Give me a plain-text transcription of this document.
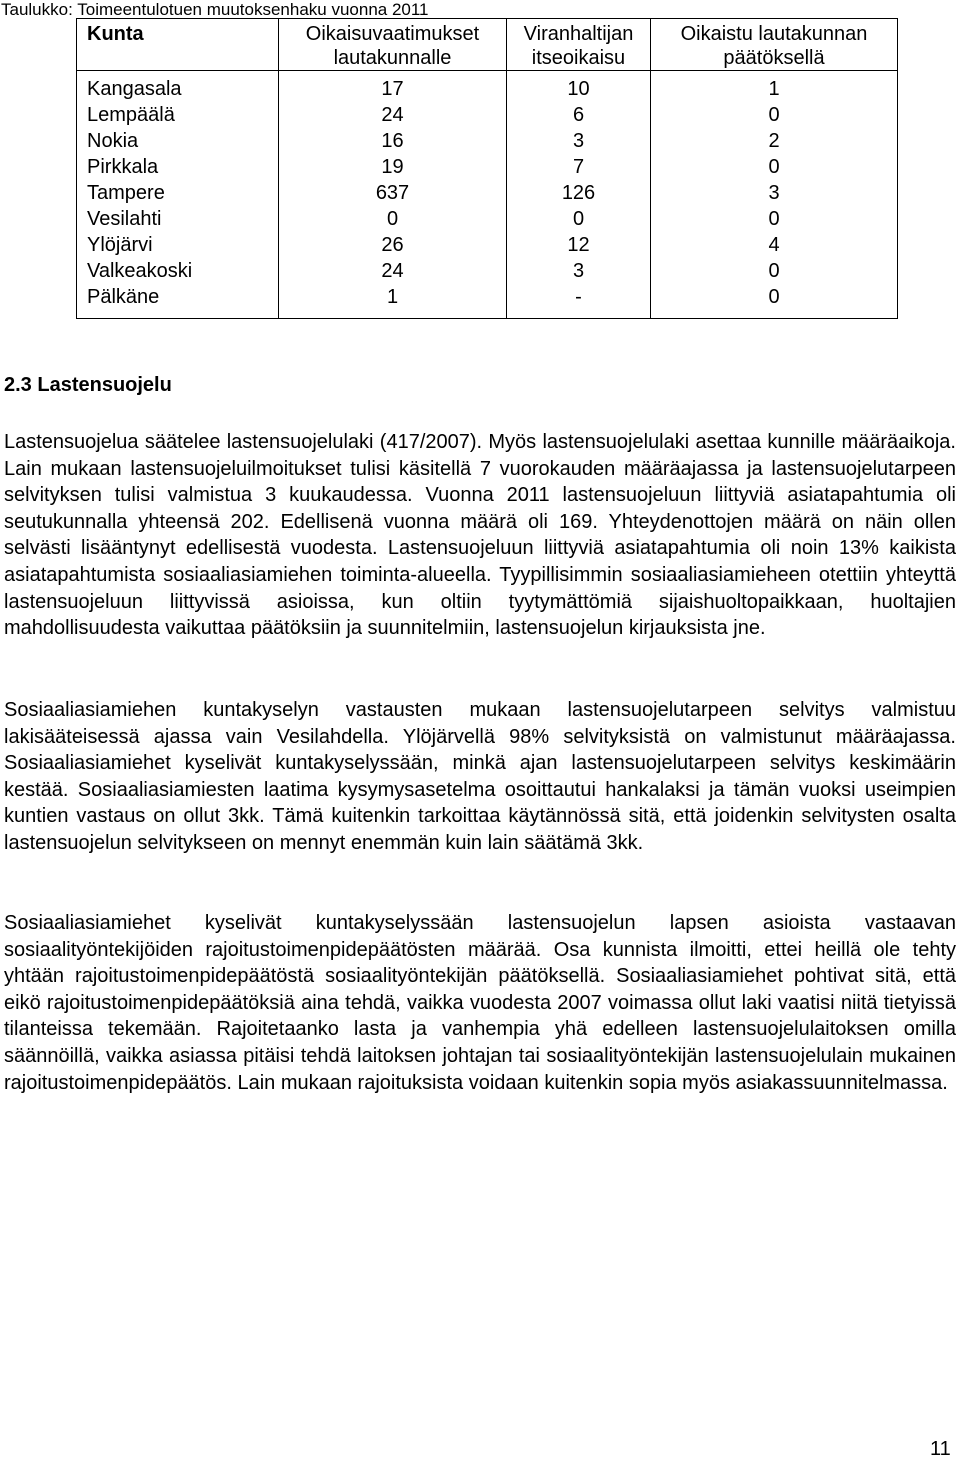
Taulukko: Toimeentulotuen muutoksenhaku vuonna 2011
Kunta	Oikaisuvaatimukset lautakunnalle	Viranhaltijan itseoikaisu	Oikaistu lautakunnan päätöksellä
Kangasala	17	10	1
Lempäälä	24	6	0
Nokia	16	3	2
Pirkkala	19	7	0
Tampere	637	126	3
Vesilahti	0	0	0
Ylöjärvi	26	12	4
Valkeakoski	24	3	0
Pälkäne	1	-	0
2.3 Lastensuojelu

Lastensuojelua säätelee lastensuojelulaki (417/2007). Myös lastensuojelulaki asettaa kunnille määräaikoja. Lain mukaan lastensuojeluilmoitukset tulisi käsitellä 7 vuorokauden määräajassa ja lastensuojelutarpeen selvityksen tulisi valmistua 3 kuukaudessa. Vuonna 2011 lastensuojeluun liittyviä asiatapahtumia oli seutukunnalla yhteensä 202. Edellisenä vuonna määrä oli 169. Yhteydenottojen määrä on näin ollen selvästi lisääntynyt edellisestä vuodesta. Lastensuojeluun liittyviä asiatapahtumia oli noin 13% kaikista asiatapahtumista sosiaaliasiamiehen toiminta-alueella. Tyypillisimmin sosiaaliasiamieheen otettiin yhteyttä lastensuojeluun liittyvissä asioissa, kun oltiin tyytymättömiä sijaishuoltopaikkaan, huoltajien mahdollisuudesta vaikuttaa päätöksiin ja suunnitelmiin, lastensuojelun kirjauksista jne.

Sosiaaliasiamiehen kuntakyselyn vastausten mukaan lastensuojelutarpeen selvitys valmistuu lakisääteisessä ajassa vain Vesilahdella. Ylöjärvellä 98% selvityksistä on valmistunut määräajassa. Sosiaaliasiamiehet kyselivät kuntakyselyssään, minkä ajan lastensuojelutarpeen selvitys keskimäärin kestää. Sosiaaliasiamiesten laatima kysymysasetelma osoittautui hankalaksi ja tämän vuoksi useimpien kuntien vastaus on ollut 3kk. Tämä kuitenkin tarkoittaa käytännössä sitä, että joidenkin selvitysten osalta lastensuojelun selvitykseen on mennyt enemmän kuin lain säätämä 3kk.

Sosiaaliasiamiehet kyselivät kuntakyselyssään lastensuojelun lapsen asioista vastaavan sosiaalityöntekijöiden rajoitustoimenpidepäätösten määrää. Osa kunnista ilmoitti, ettei heillä ole tehty yhtään rajoitustoimenpidepäätöstä sosiaalityöntekijän päätöksellä. Sosiaaliasiamiehet pohtivat sitä, että eikö rajoitustoimenpidepäätöksiä aina tehdä, vaikka vuodesta 2007 voimassa ollut laki vaatisi niitä tietyissä tilanteissa tekemään. Rajoitetaanko lasta ja vanhempia yhä edelleen lastensuojelulaitoksen omilla säännöillä, vaikka asiassa pitäisi tehdä laitoksen johtajan tai sosiaalityöntekijän lastensuojelulain mukainen rajoitustoimenpidepäätös. Lain mukaan rajoituksista voidaan kuitenkin sopia myös asiakassuunnitelmassa.

11
